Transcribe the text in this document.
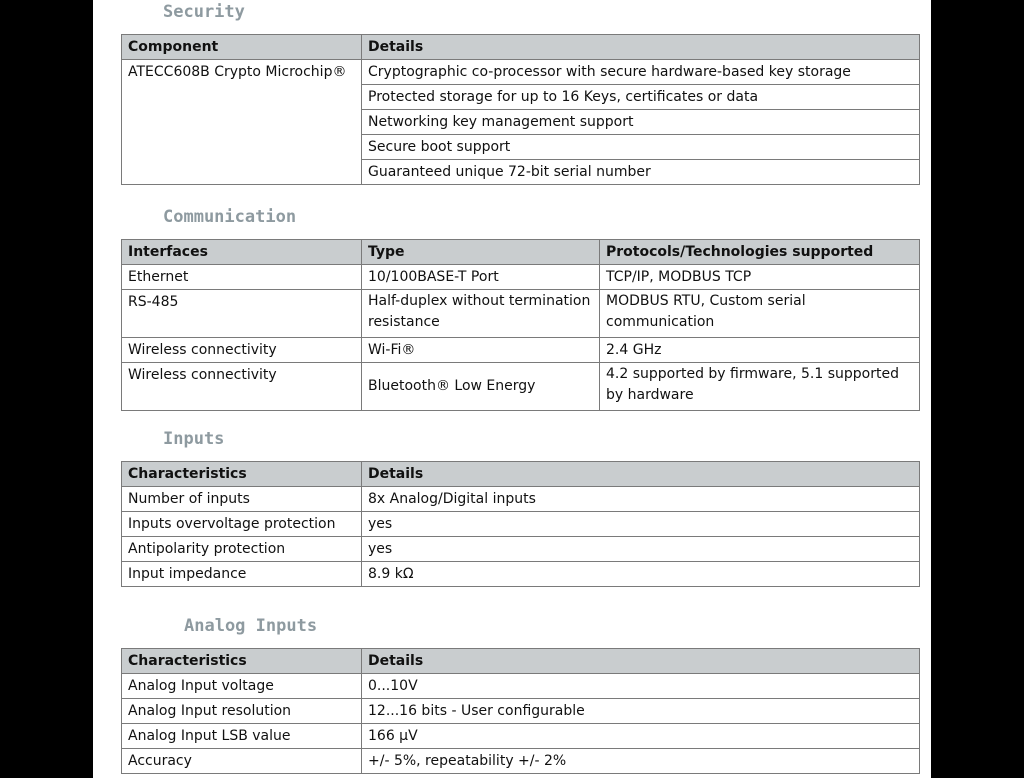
Security
Component	Details
ATECC608B Crypto Microchip®	Cryptographic co-processor with secure hardware-based key storage
	Protected storage for up to 16 Keys, certificates or data
	Networking key management support
	Secure boot support
	Guaranteed unique 72-bit serial number
Communication
Interfaces	Type	Protocols/Technologies supported
Ethernet	10/100BASE-T Port	TCP/IP, MODBUS TCP
RS-485	Half-duplex without termination resistance	MODBUS RTU, Custom serial communication
Wireless connectivity	Wi-Fi®	2.4 GHz
Wireless connectivity	Bluetooth® Low Energy	4.2 supported by firmware, 5.1 supported by hardware
Inputs
Characteristics	Details
Number of inputs	8x Analog/Digital inputs
Inputs overvoltage protection	yes
Antipolarity protection	yes
Input impedance	8.9 kΩ
Analog Inputs
Characteristics	Details
Analog Input voltage	0...10V
Analog Input resolution	12...16 bits - User configurable
Analog Input LSB value	166 µV
Accuracy	+/- 5%, repeatability +/- 2%
